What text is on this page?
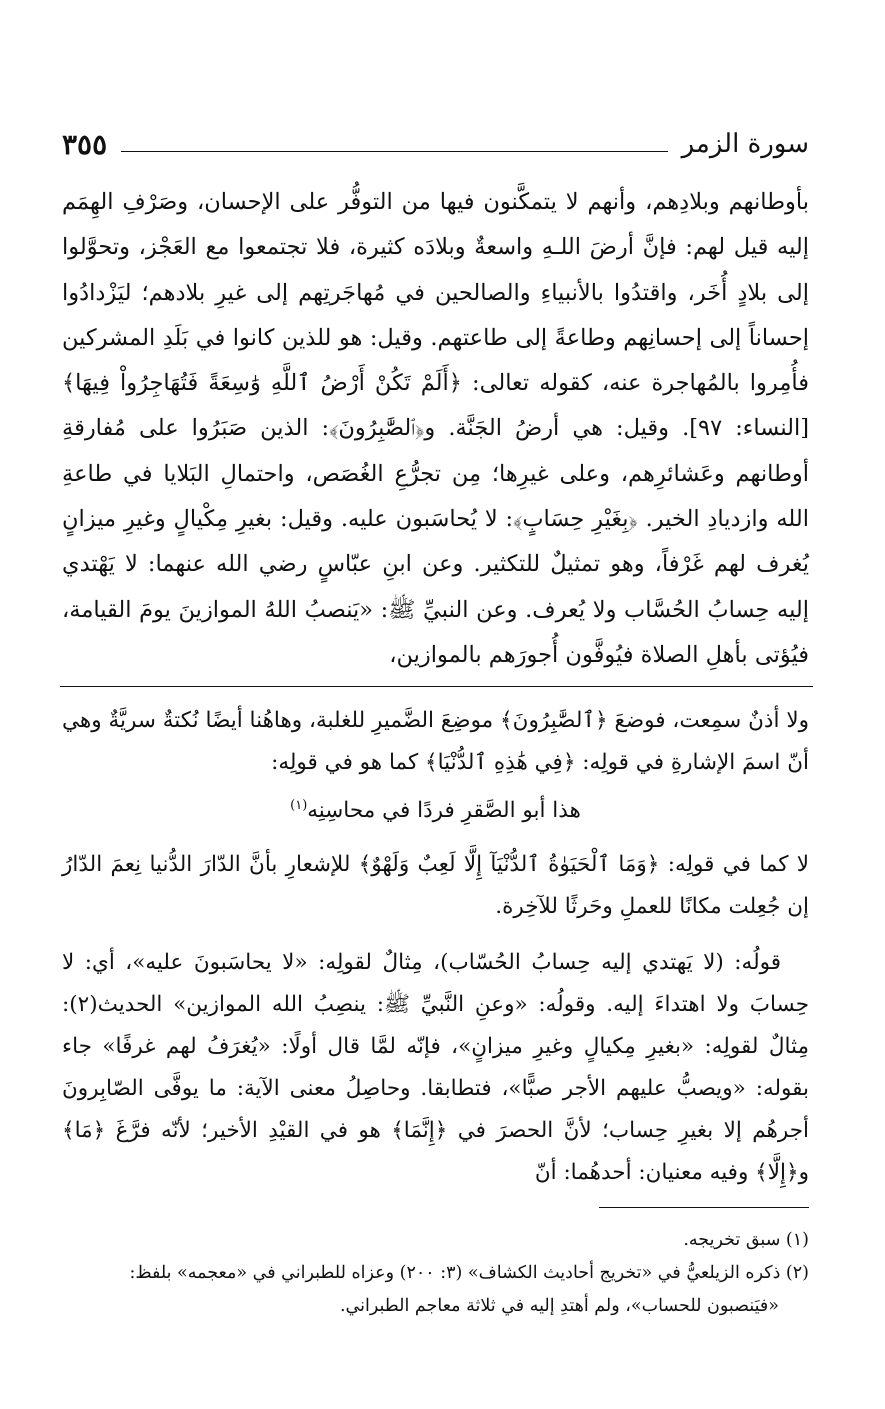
سورة الزمر
٣٥٥
بأوطانهم وبلادِهم، وأنهم لا يتمكَّنون فيها من التوفُّر على الإحسان، وصَرْفِ الهِمَم إليه قيل لهم: فإنَّ أرضَ اللـهِ واسعةٌ وبلادَه كثيرة، فلا تجتمعوا مع العَجْز، وتحوَّلوا إلى بلادٍ أُخَر، واقتدُوا بالأنبياءِ والصالحين في مُهاجَرتِهم إلى غيرِ بلادهم؛ ليَزْدادُوا إحساناً إلى إحسانِهم وطاعةً إلى طاعتهم. وقيل: هو للذين كانوا في بَلَدِ المشركين فأُمِروا بالمُهاجرة عنه، كقوله تعالى: ﴿أَلَمْ تَكُنْ أَرْضُ ٱللَّهِ وَٰسِعَةً فَتُهَاجِرُواْ فِيهَا﴾ [النساء: ٩٧]. وقيل: هي أرضُ الجَنَّة. و﴿ٱلصَّٰبِرُونَ﴾: الذين صَبَرُوا على مُفارقةِ أوطانهم وعَشائرِهم، وعلى غيرِها؛ مِن تجرُّعِ الغُصَص، واحتمالِ البَلايا في طاعةِ الله وازديادِ الخير. ﴿بِغَيْرِ حِسَابٍ﴾: لا يُحاسَبون عليه. وقيل: بغيرِ مِكْيالٍ وغيرِ ميزانٍ يُغرف لهم غَرْفاً، وهو تمثيلٌ للتكثير. وعن ابنِ عبّاسٍ رضي الله عنهما: لا يَهْتدي إليه حِسابُ الحُسَّاب ولا يُعرف. وعن النبيِّ ﷺ: «يَنصبُ اللهُ الموازينَ يومَ القيامة، فيُؤتى بأهلِ الصلاة فيُوفَّون أُجورَهم بالموازين،

ولا أذنٌ سمِعت، فوضعَ ﴿ٱلصَّٰبِرُونَ﴾ موضِعَ الضَّميرِ للغلبة، وهاهُنا أيضًا نُكتةٌ سريَّةٌ وهي أنّ اسمَ الإشارةِ في قولِه: ﴿فِي هَٰذِهِ ٱلدُّنْيَا﴾ كما هو في قولِه:

هذا أبو الصَّقرِ فردًا في محاسِنِه$^{(١)}$

لا كما في قولِه: ﴿وَمَا ٱلْحَيَوٰةُ ٱلدُّنْيَآ إِلَّا لَعِبٌ وَلَهْوٌ﴾ للإشعارِ بأنَّ الدّارَ الدُّنيا نِعمَ الدّارُ إن جُعِلت مكانًا للعملِ وحَرثًا للآخِرة.

قولُه: (لا يَهتدي إليه حِسابُ الحُسّاب)، مِثالٌ لقولِه: «لا يحاسَبونَ عليه»، أي: لا حِسابَ ولا اهتداءَ إليه. وقولُه: «وعنِ النَّبيِّ ﷺ: ينصِبُ الله الموازين» الحديث(٢): مِثالٌ لقولِه: «بغيرِ مِكيالٍ وغيرِ ميزانٍ»، فإنّه لمَّا قال أولًا: «يُغرَفُ لهم غرفًا» جاء بقوله: «ويصبُّ عليهم الأجر صبًّا»، فتطابقا. وحاصِلُ معنى الآية: ما يوفَّى الصّابِرونَ أجرهُم إلا بغيرِ حِساب؛ لأنَّ الحصرَ في ﴿إِنَّمَا﴾ هو في القيْدِ الأخير؛ لأنّه فرَّغَ ﴿مَا﴾ و﴿إِلَّا﴾ وفيه معنيان: أحدهُما: أنّ

(١) سبق تخريجه.

(٢) ذكره الزيلعيُّ في «تخريج أحاديث الكشاف» (٣: ٢٠٠) وعزاه للطبراني في «معجمه» بلفظ:

«فيَنصبون للحساب»، ولم أهتدِ إليه في ثلاثة معاجم الطبراني.
